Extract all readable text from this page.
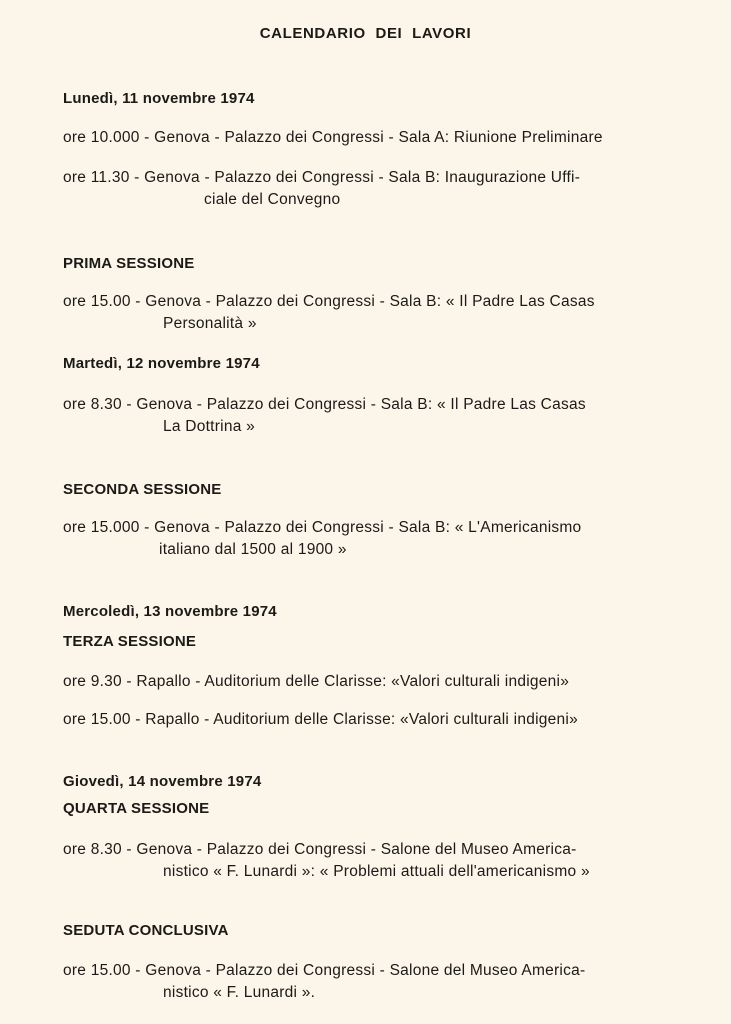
CALENDARIO DEI LAVORI
Lunedì, 11 novembre 1974
ore 10.000 - Genova - Palazzo dei Congressi - Sala A: Riunione Preliminare
ore 11.30 - Genova - Palazzo dei Congressi - Sala B: Inaugurazione Uffi-
ciale del Convegno
PRIMA SESSIONE
ore 15.00 - Genova - Palazzo dei Congressi - Sala B: « Il Padre Las Casas
Personalità »
Martedì, 12 novembre 1974
ore 8.30 - Genova - Palazzo dei Congressi - Sala B: « Il Padre Las Casas
La Dottrina »
SECONDA SESSIONE
ore 15.000 - Genova - Palazzo dei Congressi - Sala B: « L'Americanismo
italiano dal 1500 al 1900 »
Mercoledì, 13 novembre 1974
TERZA SESSIONE
ore 9.30 - Rapallo - Auditorium delle Clarisse: «Valori culturali indigeni»
ore 15.00 - Rapallo - Auditorium delle Clarisse: «Valori culturali indigeni»
Giovedì, 14 novembre 1974
QUARTA SESSIONE
ore 8.30 - Genova - Palazzo dei Congressi - Salone del Museo America-
nistico « F. Lunardi »: « Problemi attuali dell'americanismo »
SEDUTA CONCLUSIVA
ore 15.00 - Genova - Palazzo dei Congressi - Salone del Museo America-
nistico « F. Lunardi ».
